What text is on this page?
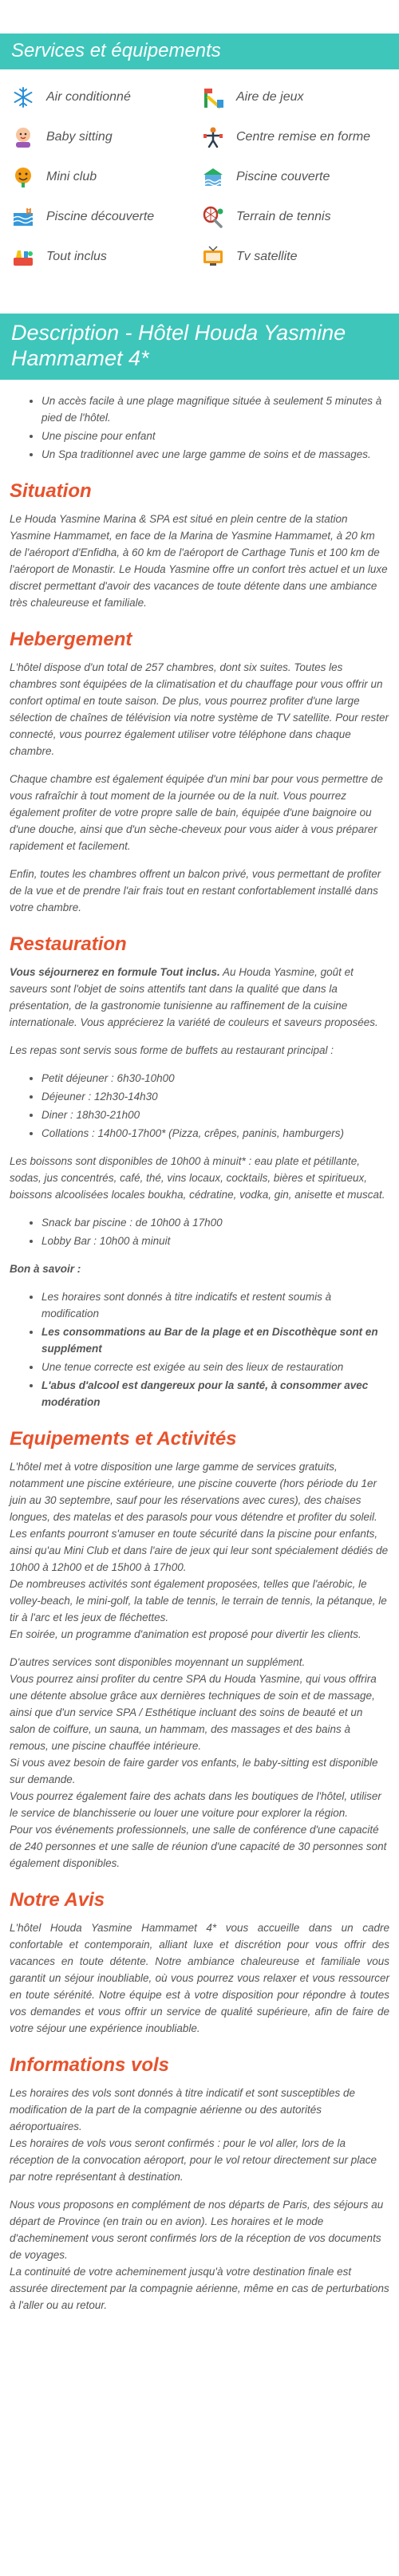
Services et équipements
Air conditionné	Aire de jeux
Baby sitting	Centre remise en forme
Mini club	Piscine couverte
Piscine découverte	Terrain de tennis
Tout inclus	Tv satellite
Description - Hôtel Houda Yasmine Hammamet 4*
• Un accès facile à une plage magnifique située à seulement 5 minutes à pied de l'hôtel.
• Une piscine pour enfant
• Un Spa traditionnel avec une large gamme de soins et de massages.
Situation

Le Houda Yasmine Marina & SPA est situé en plein centre de la station Yasmine Hammamet, en face de la Marina de Yasmine Hammamet, à 20 km de l'aéroport d'Enfidha, à 60 km de l'aéroport de Carthage Tunis et 100 km de l'aéroport de Monastir. Le Houda Yasmine offre un confort très actuel et un luxe discret permettant d'avoir des vacances de toute détente dans une ambiance très chaleureuse et familiale.

Hebergement

L'hôtel dispose d'un total de 257 chambres, dont six suites. Toutes les chambres sont équipées de la climatisation et du chauffage pour vous offrir un confort optimal en toute saison. De plus, vous pourrez profiter d'une large sélection de chaînes de télévision via notre système de TV satellite. Pour rester connecté, vous pourrez également utiliser votre téléphone dans chaque chambre.

Chaque chambre est également équipée d'un mini bar pour vous permettre de vous rafraîchir à tout moment de la journée ou de la nuit. Vous pourrez également profiter de votre propre salle de bain, équipée d'une baignoire ou d'une douche, ainsi que d'un sèche-cheveux pour vous aider à vous préparer rapidement et facilement.

Enfin, toutes les chambres offrent un balcon privé, vous permettant de profiter de la vue et de prendre l'air frais tout en restant confortablement installé dans votre chambre.

Restauration

Vous séjournerez en formule Tout inclus. Au Houda Yasmine, goût et saveurs sont l'objet de soins attentifs tant dans la qualité que dans la présentation, de la gastronomie tunisienne au raffinement de la cuisine internationale. Vous apprécierez la variété de couleurs et saveurs proposées.

Les repas sont servis sous forme de buffets au restaurant principal :

• Petit déjeuner : 6h30-10h00
• Déjeuner : 12h30-14h30
• Diner : 18h30-21h00
• Collations : 14h00-17h00* (Pizza, crêpes, paninis, hamburgers)

Les boissons sont disponibles de 10h00 à minuit* : eau plate et pétillante, sodas, jus concentrés, café, thé, vins locaux, cocktails, bières et spiritueux, boissons alcoolisées locales boukha, cédratine, vodka, gin, anisette et muscat.

• Snack bar piscine : de 10h00 à 17h00
• Lobby Bar : 10h00 à minuit

Bon à savoir :

• Les horaires sont donnés à titre indicatifs et restent soumis à modification
• Les consommations au Bar de la plage et en Discothèque sont en supplément
• Une tenue correcte est exigée au sein des lieux de restauration
• L'abus d'alcool est dangereux pour la santé, à consommer avec modération
Equipements et Activités

L'hôtel met à votre disposition une large gamme de services gratuits, notamment une piscine extérieure, une piscine couverte (hors période du 1er juin au 30 septembre, sauf pour les réservations avec cures), des chaises longues, des matelas et des parasols pour vous détendre et profiter du soleil.
Les enfants pourront s'amuser en toute sécurité dans la piscine pour enfants, ainsi qu'au Mini Club et dans l'aire de jeux qui leur sont spécialement dédiés de 10h00 à 12h00 et de 15h00 à 17h00.
De nombreuses activités sont également proposées, telles que l'aérobic, le volley-beach, le mini-golf, la table de tennis, le terrain de tennis, la pétanque, le tir à l'arc et les jeux de fléchettes.
En soirée, un programme d'animation est proposé pour divertir les clients.

D'autres services sont disponibles moyennant un supplément.
Vous pourrez ainsi profiter du centre SPA du Houda Yasmine, qui vous offrira une détente absolue grâce aux dernières techniques de soin et de massage, ainsi que d'un service SPA / Esthétique incluant des soins de beauté et un salon de coiffure, un sauna, un hammam, des massages et des bains à remous, une piscine chauffée intérieure.
Si vous avez besoin de faire garder vos enfants, le baby-sitting est disponible sur demande.
Vous pourrez également faire des achats dans les boutiques de l'hôtel, utiliser le service de blanchisserie ou louer une voiture pour explorer la région.
Pour vos événements professionnels, une salle de conférence d'une capacité de 240 personnes et une salle de réunion d'une capacité de 30 personnes sont également disponibles.

Notre Avis

L'hôtel Houda Yasmine Hammamet 4* vous accueille dans un cadre confortable et contemporain, alliant luxe et discrétion pour vous offrir des vacances en toute détente. Notre ambiance chaleureuse et familiale vous garantit un séjour inoubliable, où vous pourrez vous relaxer et vous ressourcer en toute sérénité. Notre équipe est à votre disposition pour répondre à toutes vos demandes et vous offrir un service de qualité supérieure, afin de faire de votre séjour une expérience inoubliable.

Informations vols

Les horaires des vols sont donnés à titre indicatif et sont susceptibles de modification de la part de la compagnie aérienne ou des autorités aéroportuaires.
Les horaires de vols vous seront confirmés : pour le vol aller, lors de la réception de la convocation aéroport, pour le vol retour directement sur place par notre représentant à destination.

Nous vous proposons en complément de nos départs de Paris, des séjours au départ de Province (en train ou en avion). Les horaires et le mode d'acheminement vous seront confirmés lors de la réception de vos documents de voyages.
La continuité de votre acheminement jusqu'à votre destination finale est assurée directement par la compagnie aérienne, même en cas de perturbations à l'aller ou au retour.
